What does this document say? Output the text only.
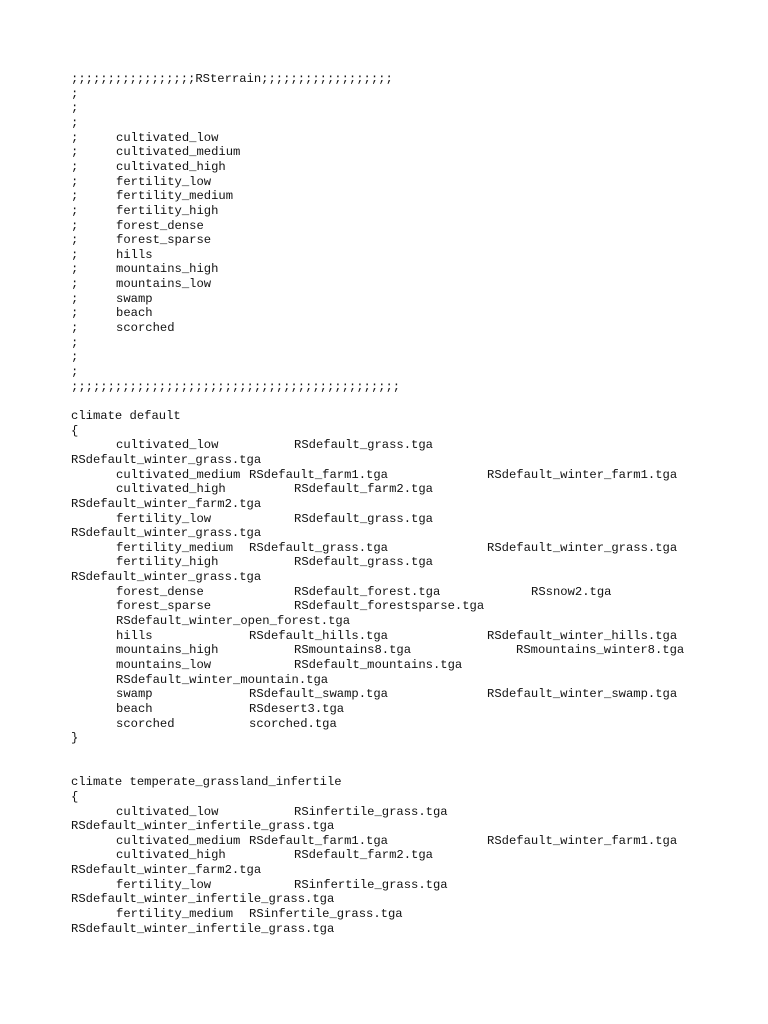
;;;;;;;;;;;;;;;;;RSterrain;;;;;;;;;;;;;;;;;;
;
;
;
;	cultivated_low
;	cultivated_medium
;	cultivated_high
;	fertility_low
;	fertility_medium
;	fertility_high
;	forest_dense
;	forest_sparse
;	hills
;	mountains_high
;	mountains_low
;	swamp
;	beach
;	scorched
;
;
;
;;;;;;;;;;;;;;;;;;;;;;;;;;;;;;;;;;;;;;;;;;;;;
climate default
{
cultivated_low	RSdefault_grass.tga
RSdefault_winter_grass.tga
cultivated_medium RSdefault_farm1.tga	RSdefault_winter_farm1.tga
cultivated_high	RSdefault_farm2.tga
RSdefault_winter_farm2.tga
fertility_low	RSdefault_grass.tga
RSdefault_winter_grass.tga
fertility_medium RSdefault_grass.tga	RSdefault_winter_grass.tga
fertility_high	RSdefault_grass.tga
RSdefault_winter_grass.tga
forest_dense	RSdefault_forest.tga	RSsnow2.tga
forest_sparse	RSdefault_forestsparse.tga
RSdefault_winter_open_forest.tga
hills	RSdefault_hills.tga	RSdefault_winter_hills.tga
mountains_high	RSmountains8.tga	RSmountains_winter8.tga
mountains_low	RSdefault_mountains.tga
RSdefault_winter_mountain.tga
swamp	RSdefault_swamp.tga	RSdefault_winter_swamp.tga
beach	RSdesert3.tga
scorched	scorched.tga
}
climate temperate_grassland_infertile
{
cultivated_low	RSinfertile_grass.tga
RSdefault_winter_infertile_grass.tga
cultivated_medium RSdefault_farm1.tga	RSdefault_winter_farm1.tga
cultivated_high	RSdefault_farm2.tga
RSdefault_winter_farm2.tga
fertility_low	RSinfertile_grass.tga
RSdefault_winter_infertile_grass.tga
fertility_medium RSinfertile_grass.tga
RSdefault_winter_infertile_grass.tga
